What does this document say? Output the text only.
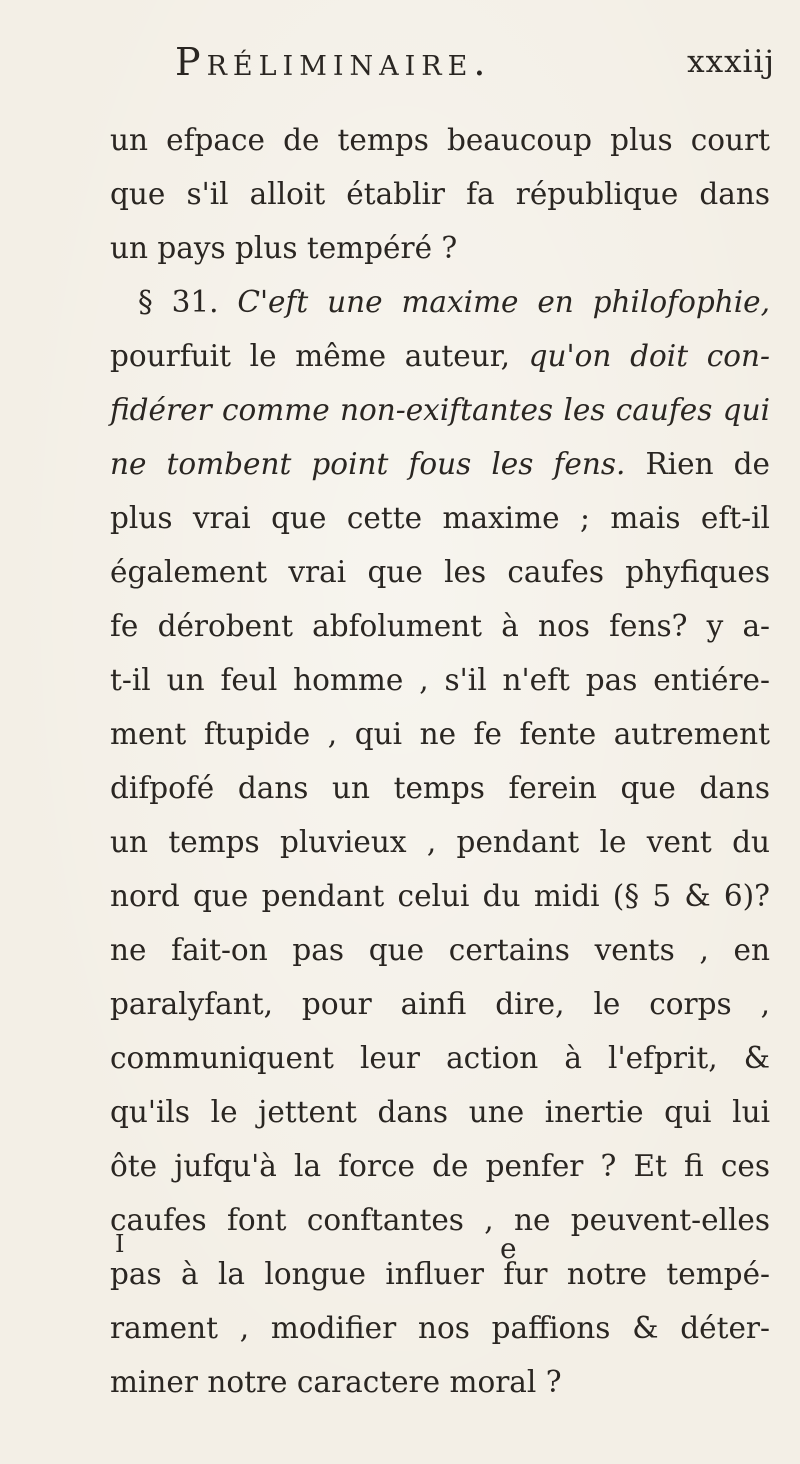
Préliminaire.	xxxiij
un efpace de temps beaucoup plus court
que s'il alloit établir fa république dans
un pays plus tempéré ?
§ 31. C'eft une maxime en philofophie,
pourfuit le même auteur, qu'on doit con-
fidérer comme non-exiftantes les caufes qui
ne tombent point fous les fens. Rien de
plus vrai que cette maxime ; mais eft-il
également vrai que les caufes phyfiques
fe dérobent abfolument à nos fens? y a-
t-il un feul homme , s'il n'eft pas entiére-
ment ftupide , qui ne fe fente autrement
difpofé dans un temps ferein que dans
un temps pluvieux , pendant le vent du
nord que pendant celui du midi (§ 5 & 6)?
ne fait-on pas que certains vents , en
paralyfant, pour ainfi dire, le corps ,
communiquent leur action à l'efprit, &
qu'ils le jettent dans une inertie qui lui
ôte jufqu'à la force de penfer ? Et fi ces
caufes font conftantes , ne peuvent-elles
pas à la longue influer fur notre tempé-
rament , modifier nos paffions & déter-
miner notre caractere moral ?
I	e
